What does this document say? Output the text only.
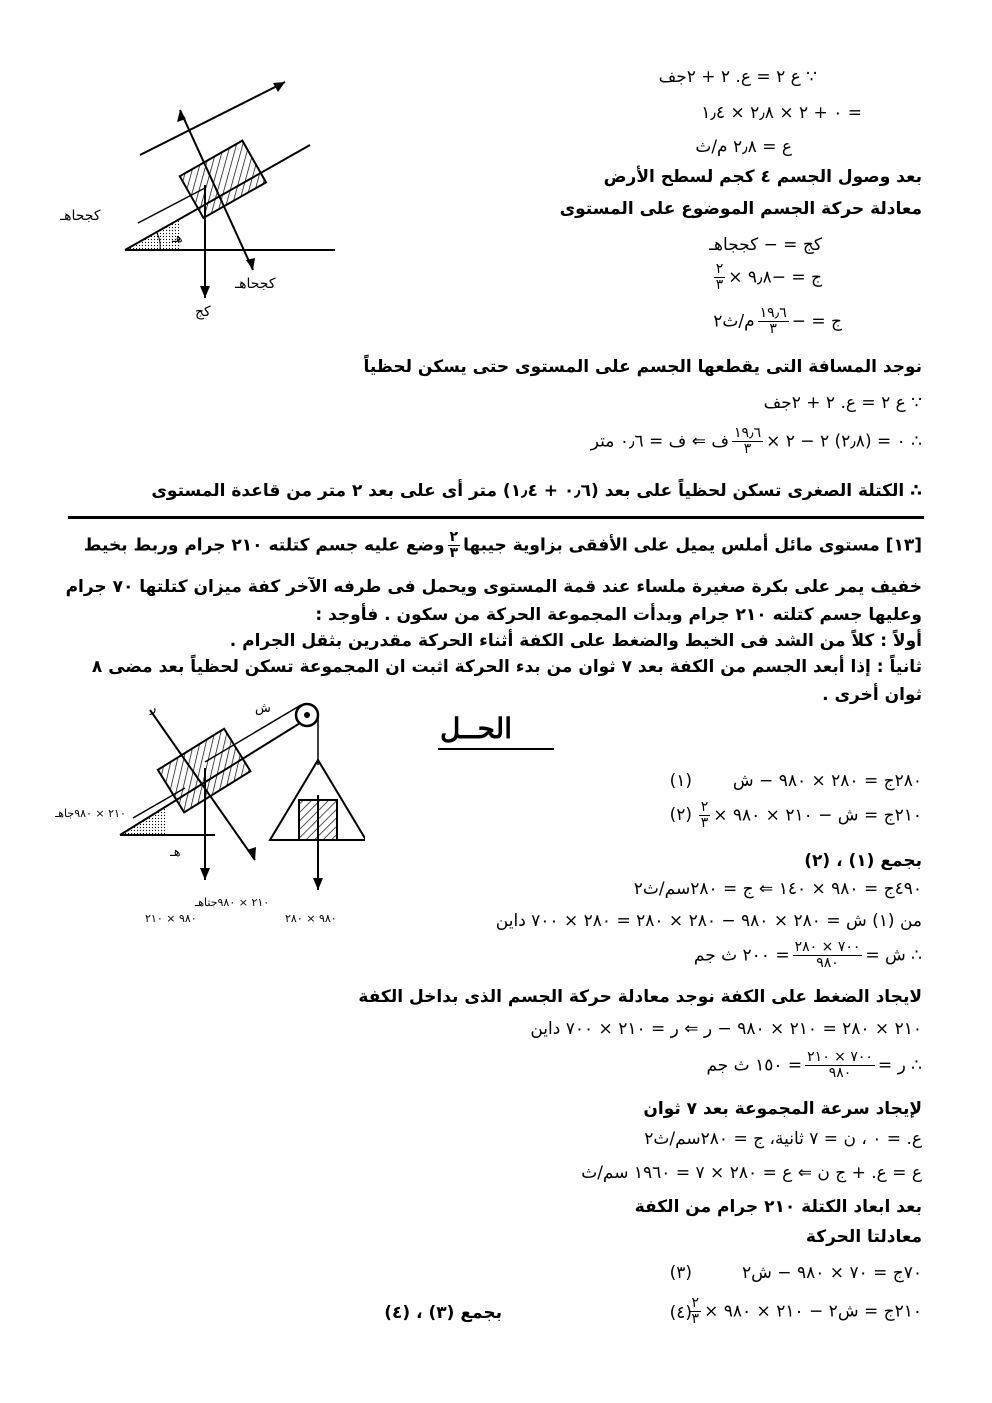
∵ ع ٢ = ع. ٢ + ٢جف
= ٠ + ٢ × ٢٫٨ × ١٫٤
ع = ٢٫٨ م/ث
بعد وصول الجسم ٤ كجم لسطح الأرض
معادلة حركة الجسم الموضوع على المستوى
كج = − كججاهـ
ج = −٩٫٨ ×
$\frac{٢}{٣}$
ج = −
$\frac{١٩٫٦}{٣}$
م/ث٢
نوجد المسافة التى يقطعها الجسم على المستوى حتى يسكن لحظياً
∵ ع ٢ = ع. ٢ + ٢جف
∴ ٠ = (٢٫٨) ٢ − ٢ ×
$\frac{١٩٫٦}{٣}$
ف ⇐ ف = ٠٫٦ متر
∴ الكتلة الصغرى تسكن لحظياً على بعد (٠٫٦ + ١٫٤) متر أى على بعد ٢ متر من قاعدة المستوى
هـ
كجحاهـ
كجحاهـ
كج
[١٣] مستوى مائل أملس يميل على الأفقى بزاوية جيبها
$\frac{٢}{٣}$
وضع عليه جسم كتلته ٢١٠ جرام وربط بخيط
خفيف يمر على بكرة صغيرة ملساء عند قمة المستوى ويحمل فى طرفه الآخر كفة ميزان كتلتها ٧٠ جرام
وعليها جسم كتلته ٢١٠ جرام وبدأت المجموعة الحركة من سكون . فأوجد :
أولاً : كلاً من الشد فى الخيط والضغط على الكفة أثناء الحركة مقدرين بثقل الجرام .
ثانياً : إذا أبعد الجسم من الكفة بعد ٧ ثوان من بدء الحركة اثبت ان المجموعة تسكن لحظياً بعد مضى ٨
ثوان أخرى .
ش
ر
٢١٠ × ٩٨٠جاهـ
هـ
٢١٠ × ٩٨٠جتاهـ
٩٨٠ × ٢١٠	٩٨٠ × ٢٨٠
الحــل
٢٨٠ج = ٢٨٠ × ٩٨٠ − ش
(١)
٢١٠ج = ش − ٢١٠ × ٩٨٠ ×
$\frac{٢}{٣}$
(٢)
بجمع (١) ، (٢)
٤٩٠ج = ٩٨٠ × ١٤٠ ⇐ ج = ٢٨٠سم/ث٢
من (١) ش = ٢٨٠ × ٩٨٠ − ٢٨٠ × ٢٨٠ = ٢٨٠ × ٧٠٠ داين
∴ ش =
$\frac{٧٠٠ \times ٢٨٠}{٩٨٠}$
= ٢٠٠ ث جم
لايجاد الضغط على الكفة نوجد معادلة حركة الجسم الذى بداخل الكفة
٢١٠ × ٢٨٠ = ٢١٠ × ٩٨٠ − ر ⇐ ر = ٢١٠ × ٧٠٠ داين
∴ ر =
$\frac{٧٠٠ \times ٢١٠}{٩٨٠}$
= ١٥٠ ث جم
لإيجاد سرعة المجموعة بعد ٧ ثوان
ع. = ٠ ، ن = ٧ ثانية، ج = ٢٨٠سم/ث٢
ع = ع. + ج ن ⇐ ع = ٢٨٠ × ٧ = ١٩٦٠ سم/ث
بعد ابعاد الكتلة ٢١٠ جرام من الكفة
معادلتا الحركة
٧٠ج = ٧٠ × ٩٨٠ − ش٢
(٣)
٢١٠ج = ش٢ − ٢١٠ × ٩٨٠ ×
$\frac{٢}{٣}$
(٤)
بجمع (٣) ، (٤)
